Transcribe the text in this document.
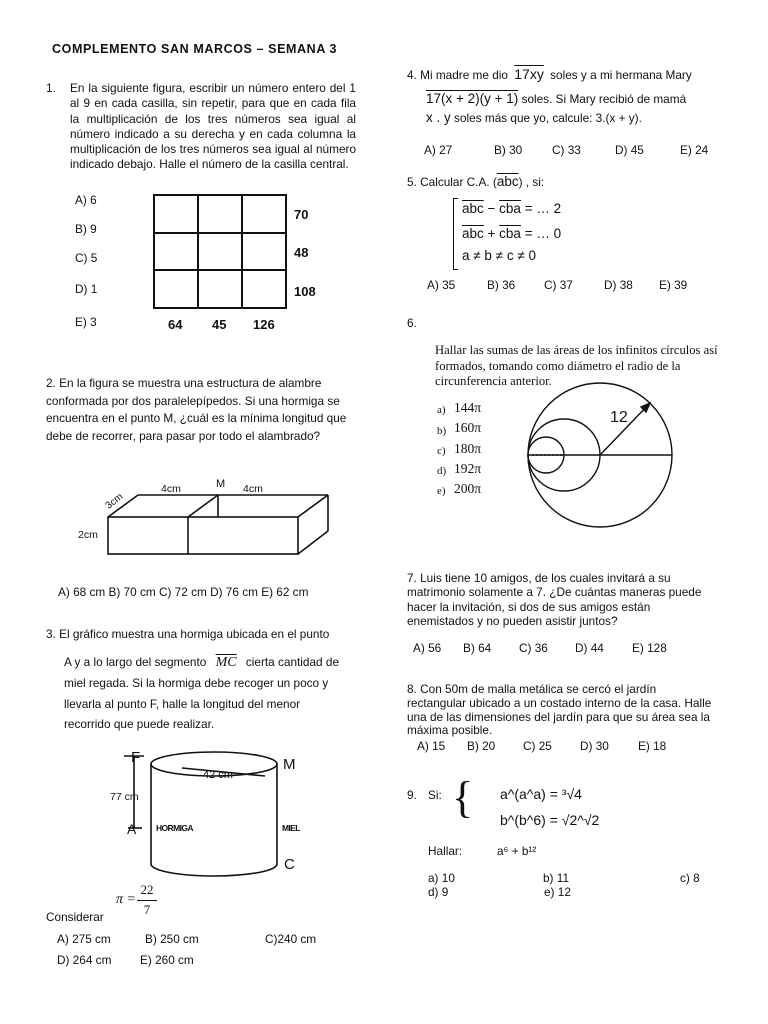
COMPLEMENTO SAN MARCOS – SEMANA 3
1. En la siguiente figura, escribir un número entero del 1 al 9 en cada casilla, sin repetir, para que en cada fila la multiplicación de los tres números sea igual al número indicado a su derecha y en cada columna la multiplicación de los tres números sea igual al número indicado debajo. Halle el número de la casilla central.
A) 6
B) 9
C) 5
D) 1
E) 3
70
48
108
64 45 126
2. En la figura se muestra una estructura de alambre conformada por dos paralelepípedos. Si una hormiga se encuentra en el punto M, ¿cuál es la mínima longitud que debe de recorrer, para pasar por todo el alambrado?
3cm
4cm	M 4cm
2cm
A) 68 cm B) 70 cm C) 72 cm D) 76 cm E) 62 cm
3. El gráfico muestra una hormiga ubicada en el punto
A y a lo largo del segmento $\overline{MC}$ cierta cantidad de
miel regada. Si la hormiga debe recoger un poco y
llevarla al punto F, halle la longitud del menor
recorrido que puede realizar.
F	M
42 cm
77 cm
A HORMIGA	MIEL
C
Considerar
π =
22
7
A) 275 cm	B) 250 cm	C)240 cm
D) 264 cm E) 260 cm
4. Mi madre me dio 17xy soles y a mi hermana Mary
17(x + 2)(y + 1) soles. Si Mary recibió de mamá
x . y soles más que yo, calcule: 3.(x + y).
A) 27	B) 30	C) 33	D) 45	E) 24
5. Calcular C.A. $(\overline{abc})$ , si:
$\overline{abc} - \overline{cba}$ = … 2
$\overline{abc} + \overline{cba}$ = … 0
a ≠ b ≠ c ≠ 0
A) 35	B) 36 C) 37	D) 38 E) 39
6.
Hallar las sumas de las áreas de los infinitos círculos así formados, tomando como diámetro el radio de la circunferencia anterior.
a)
b)
c)
d)
e)
144π
160π
180π
192π
200π
12
7. Luis tiene 10 amigos, de los cuales invitará a su matrimonio solamente a 7. ¿De cuántas maneras puede hacer la invitación, si dos de sus amigos están enemistados y no pueden asistir juntos?
A) 56 B) 64 C) 36 D) 44 E) 128
8. Con 50m de malla metálica se cercó el jardín rectangular ubicado a un costado interno de la casa. Halle una de las dimensiones del jardín para que su área sea la máxima posible.
A) 15 B) 20 C) 25 D) 30 E) 18
9. Si: { a^(a^a) = ³√4
b^(b^6) = √2^√2
Hallar:	a⁶ + b¹²
a) 10	b) 11	c) 8
d) 9	e) 12
